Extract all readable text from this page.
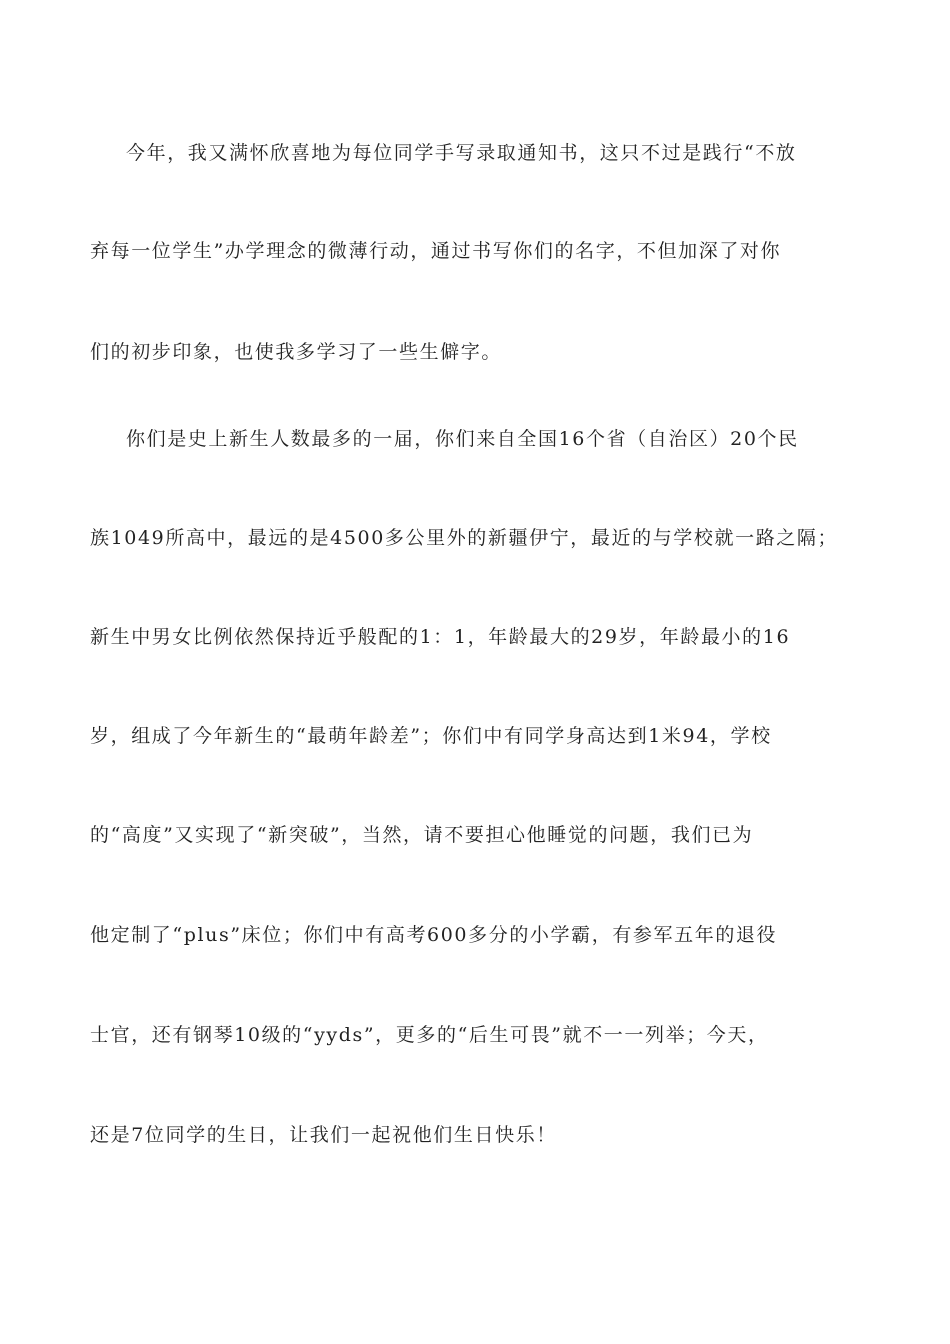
今年，我又满怀欣喜地为每位同学手写录取通知书，这只不过是践行“不放
弃每一位学生”办学理念的微薄行动，通过书写你们的名字，不但加深了对你
们的初步印象，也使我多学习了一些生僻字。
你们是史上新生人数最多的一届，你们来自全国16个省（自治区）20个民
族1049所高中，最远的是4500多公里外的新疆伊宁，最近的与学校就一路之隔；
新生中男女比例依然保持近乎般配的1：1，年龄最大的29岁，年龄最小的16
岁，组成了今年新生的“最萌年龄差”；你们中有同学身高达到1米94，学校
的“高度”又实现了“新突破”，当然，请不要担心他睡觉的问题，我们已为
他定制了“plus”床位；你们中有高考600多分的小学霸，有参军五年的退役
士官，还有钢琴10级的“yyds”，更多的“后生可畏”就不一一列举；今天，
还是7位同学的生日，让我们一起祝他们生日快乐！
